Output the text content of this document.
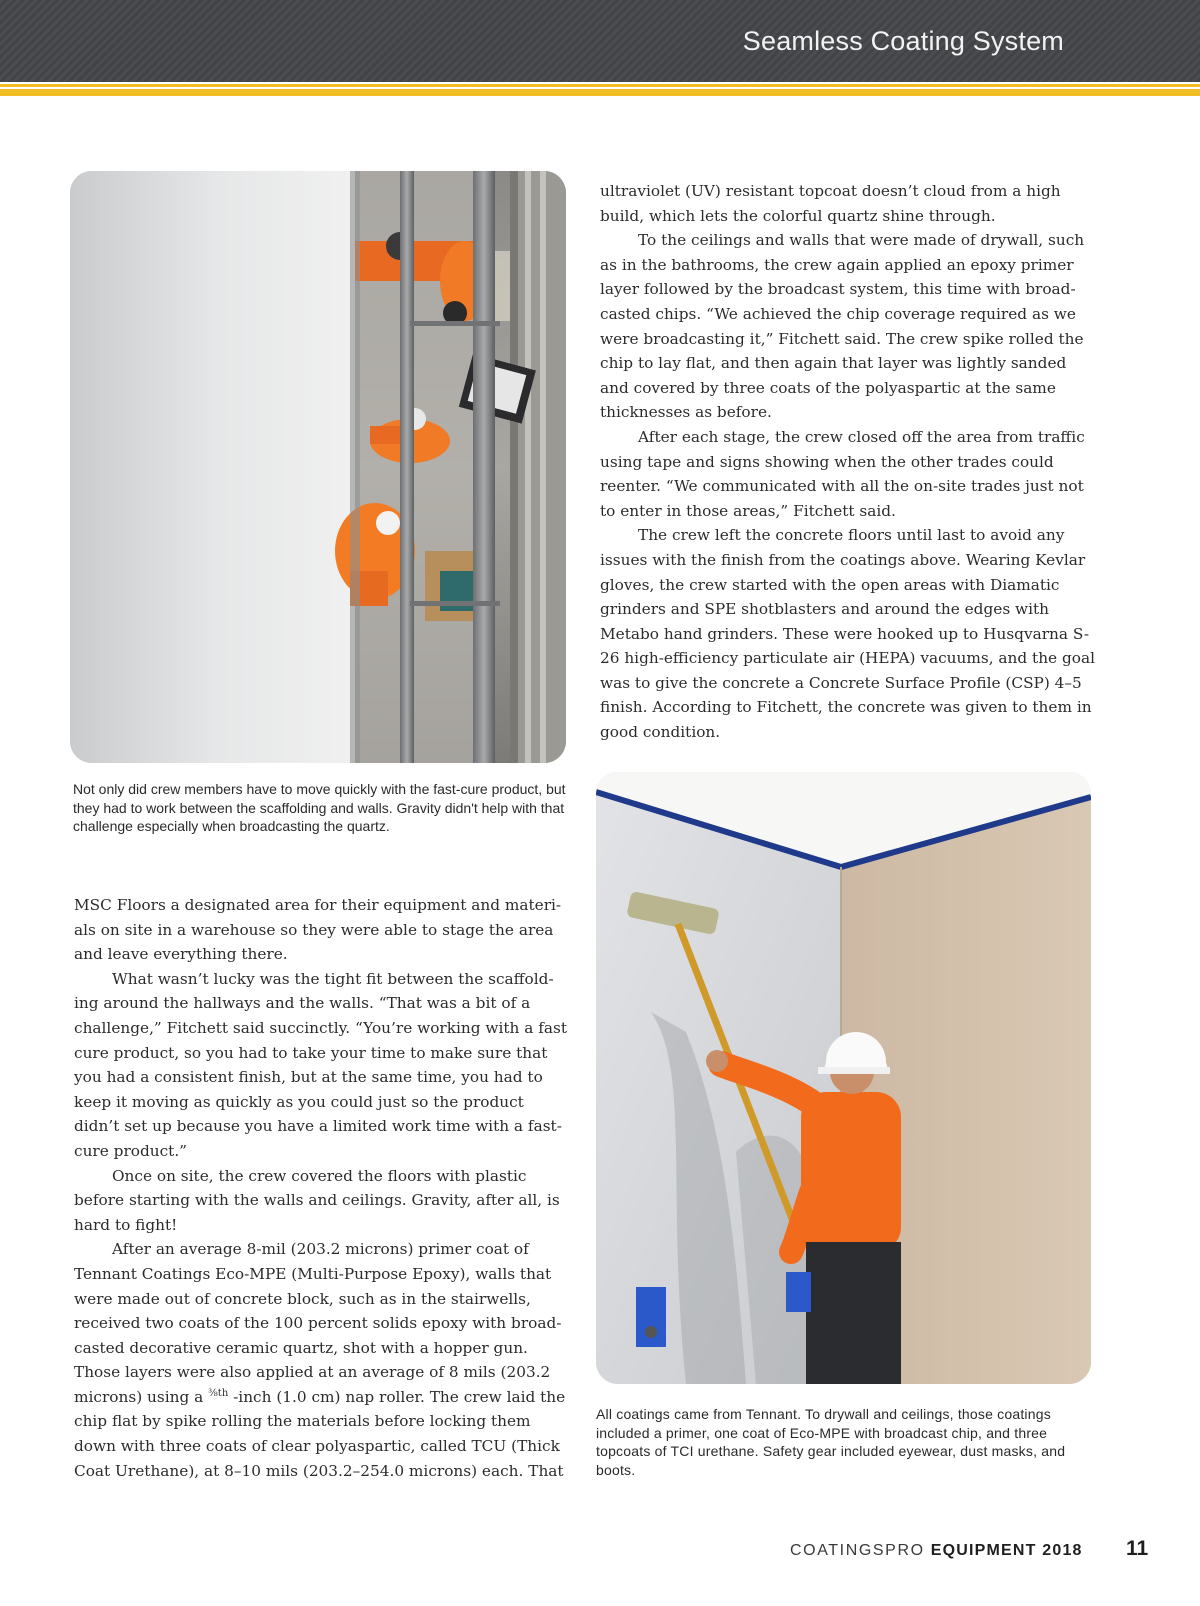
Seamless Coating System

Not only did crew members have to move quickly with the fast-cure product, but they had to work between the scaffolding and walls. Gravity didn't help with that challenge especially when broadcasting the quartz.

ultraviolet (UV) resistant topcoat doesn’t cloud from a high build, which lets the colorful quartz shine through.

To the ceilings and walls that were made of drywall, such as in the bathrooms, the crew again applied an epoxy primer layer followed by the broadcast system, this time with broad-casted chips. “We achieved the chip coverage required as we were broadcasting it,” Fitchett said. The crew spike rolled the chip to lay flat, and then again that layer was lightly sanded and covered by three coats of the polyaspartic at the same thicknesses as before.

After each stage, the crew closed off the area from traffic using tape and signs showing when the other trades could reenter. “We communicated with all the on-site trades just not to enter in those areas,” Fitchett said.

The crew left the concrete floors until last to avoid any issues with the finish from the coatings above. Wearing Kevlar gloves, the crew started with the open areas with Diamatic grinders and SPE shotblasters and around the edges with Metabo hand grinders. These were hooked up to Husqvarna S-26 high-efficiency particulate air (HEPA) vacuums, and the goal was to give the concrete a Concrete Surface Profile (CSP) 4–5 finish. According to Fitchett, the concrete was given to them in good condition.

All coatings came from Tennant. To drywall and ceilings, those coatings included a primer, one coat of Eco-MPE with broadcast chip, and three topcoats of TCI urethane. Safety gear included eyewear, dust masks, and boots.

MSC Floors a designated area for their equipment and materi-als on site in a warehouse so they were able to stage the area and leave everything there.

What wasn’t lucky was the tight fit between the scaffold-ing around the hallways and the walls. “That was a bit of a challenge,” Fitchett said succinctly. “You’re working with a fast cure product, so you had to take your time to make sure that you had a consistent finish, but at the same time, you had to keep it moving as quickly as you could just so the product didn’t set up because you have a limited work time with a fast-cure product.”

Once on site, the crew covered the floors with plastic before starting with the walls and ceilings. Gravity, after all, is hard to fight!

After an average 8-mil (203.2 microns) primer coat of Tennant Coatings Eco-MPE (Multi-Purpose Epoxy), walls that were made out of concrete block, such as in the stairwells, received two coats of the 100 percent solids epoxy with broad-casted decorative ceramic quartz, shot with a hopper gun. Those layers were also applied at an average of 8 mils (203.2 microns) using a $^{\frac{3}{8}th}$ -inch (1.0 cm) nap roller. The crew laid the chip flat by spike rolling the materials before locking them down with three coats of clear polyaspartic, called TCU (Thick Coat Urethane), at 8–10 mils (203.2–254.0 microns) each. That

COATINGSPRO EQUIPMENT 2018 11
